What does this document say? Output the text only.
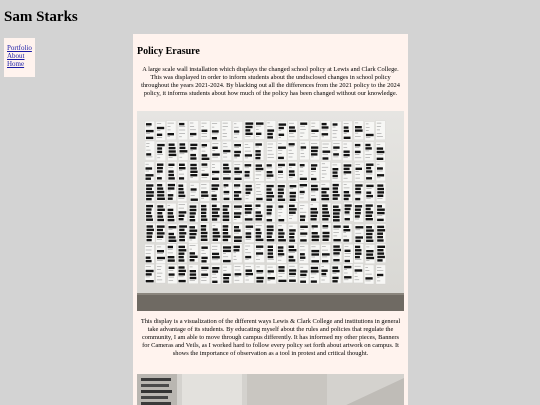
Sam Starks
Portfolio
About
Home
Policy Erasure

A large scale wall installation which displays the changed school policy at Lewis and Clark College. This was displayed in order to inform students about the undisclosed changes in school policy throughout the years 2021-2024. By blacking out all the differences from the 2021 policy to the 2024 policy, it informs students about how much of the policy has been changed without our knowledge.

This display is a visualization of the different ways Lewis & Clark College and institutions in general take advantage of its students. By educating myself about the rules and policies that regulate the community, I am able to move through campus differently. It has informed my other pieces, Banners for Cameras and Veils, as I worked hard to follow every policy set forth about artwork on campus. It shows the importance of observation as a tool in protest and critical thought.
